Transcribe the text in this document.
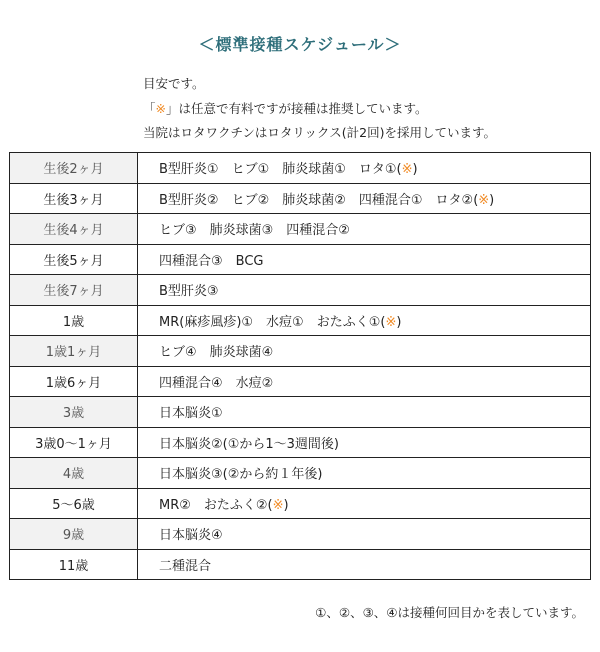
＜標準接種スケジュール＞
目安です。
「※」は任意で有料ですが接種は推奨しています。
当院はロタワクチンはロタリックス(計2回)を採用しています。
生後2ヶ月	B型肝炎①　ヒブ①　肺炎球菌①　ロタ①(※)
生後3ヶ月	B型肝炎②　ヒブ②　肺炎球菌②　四種混合①　ロタ②(※)
生後4ヶ月	ヒブ③　肺炎球菌③　四種混合②
生後5ヶ月	四種混合③　BCG
生後7ヶ月	B型肝炎③
1歳	MR(麻疹風疹)①　水痘①　おたふく①(※)
1歳1ヶ月	ヒブ④　肺炎球菌④
1歳6ヶ月	四種混合④　水痘②
3歳	日本脳炎①
3歳0～1ヶ月	日本脳炎②(①から1～3週間後)
4歳	日本脳炎③(②から約１年後)
5～6歳	MR②　おたふく②(※)
9歳	日本脳炎④
11歳	二種混合
①、②、③、④は接種何回目かを表しています。
